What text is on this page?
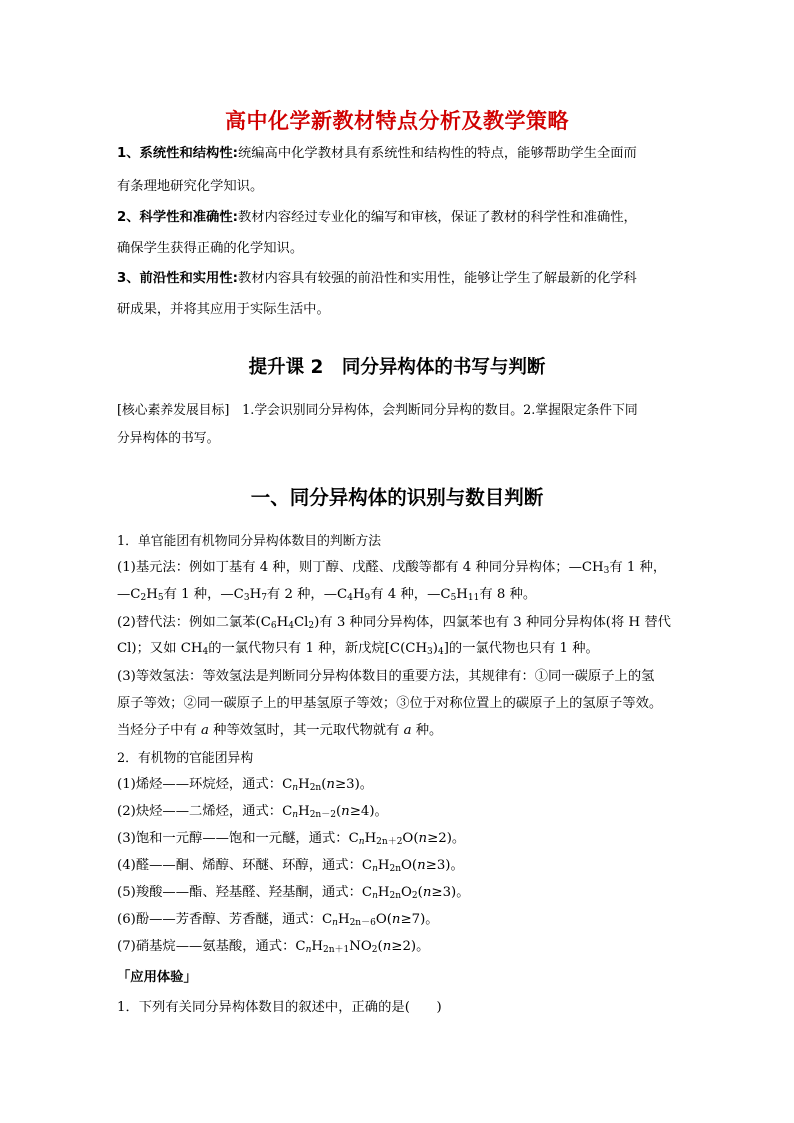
高中化学新教材特点分析及教学策略
1、系统性和结构性:统编高中化学教材具有系统性和结构性的特点，能够帮助学生全面而
有条理地研究化学知识。
2、科学性和准确性:教材内容经过专业化的编写和审核，保证了教材的科学性和准确性，
确保学生获得正确的化学知识。
3、前沿性和实用性:教材内容具有较强的前沿性和实用性，能够让学生了解最新的化学科
研成果，并将其应用于实际生活中。
提升课 2　同分异构体的书写与判断
[核心素养发展目标]　1.学会识别同分异构体，会判断同分异构的数目。2.掌握限定条件下同
分异构体的书写。
一、同分异构体的识别与数目判断
1．单官能团有机物同分异构体数目的判断方法
(1)基元法：例如丁基有 4 种，则丁醇、戊醛、戊酸等都有 4 种同分异构体；$—CH_3$有 1 种，
$—C_2H_5$有 1 种，$—C_3H_7$有 2 种，$—C_4H_9$有 4 种，$—C_5H_{11}$有 8 种。
(2)替代法：例如二氯苯$(C_6H_4Cl_2)$有 3 种同分异构体，四氯苯也有 3 种同分异构体(将 H 替代
Cl)；又如 $CH_4$的一氯代物只有 1 种，新戊烷$[C(CH_3)_4]$的一氯代物也只有 1 种。
(3)等效氢法：等效氢法是判断同分异构体数目的重要方法，其规律有：①同一碳原子上的氢
原子等效；②同一碳原子上的甲基氢原子等效；③位于对称位置上的碳原子上的氢原子等效。
当烃分子中有 a 种等效氢时，其一元取代物就有 a 种。
2．有机物的官能团异构
(1)烯烃——环烷烃，通式：$C_nH_{2n}(n\ge 3)$。
(2)炔烃——二烯烃，通式：$C_nH_{2n-2}(n\ge 4)$。
(3)饱和一元醇——饱和一元醚，通式：$C_nH_{2n+2}O(n\ge 2)$。
(4)醛——酮、烯醇、环醚、环醇，通式：$C_nH_{2n}O(n\ge 3)$。
(5)羧酸——酯、羟基醛、羟基酮，通式：$C_nH_{2n}O_2(n\ge 3)$。
(6)酚——芳香醇、芳香醚，通式：$C_nH_{2n-6}O(n\ge 7)$。
(7)硝基烷——氨基酸，通式：$C_nH_{2n+1}NO_2(n\ge 2)$。
「应用体验」
1．下列有关同分异构体数目的叙述中，正确的是(　　)
